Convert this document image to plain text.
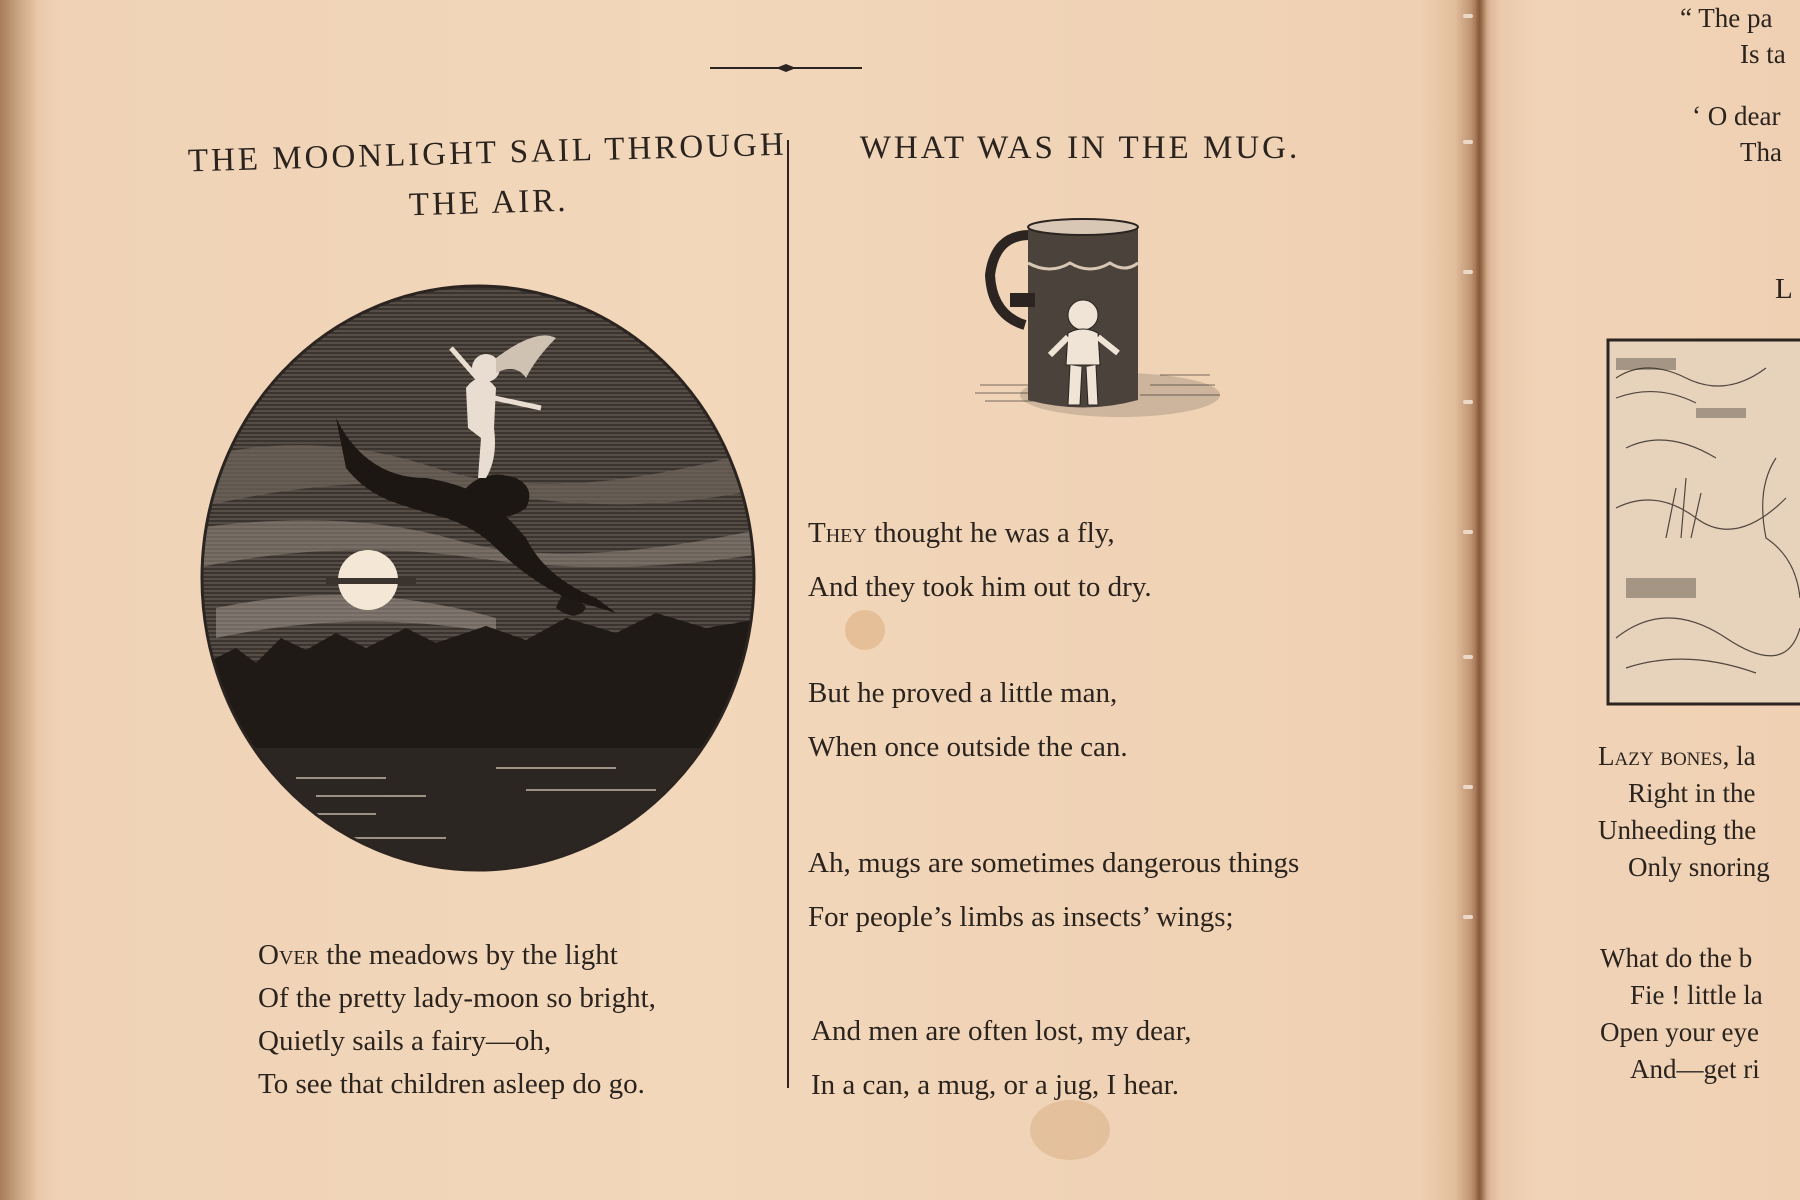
THE MOONLIGHT SAIL THROUGH
THE AIR.
Over the meadows by the light
Of the pretty lady-moon so bright,
Quietly sails a fairy—oh,
To see that children asleep do go.
WHAT WAS IN THE MUG.
They thought he was a fly,
And they took him out to dry.
But he proved a little man,
When once outside the can.
Ah, mugs are sometimes dangerous things
For people’s limbs as insects’ wings;
And men are often lost, my dear,
In a can, a mug, or a jug, I hear.
“ The pa
Is ta
‘ O dear
Tha
L
Lazy bones, la
Right in the
Unheeding the
Only snoring
What do the b
Fie ! little la
Open your eye
And—get ri
